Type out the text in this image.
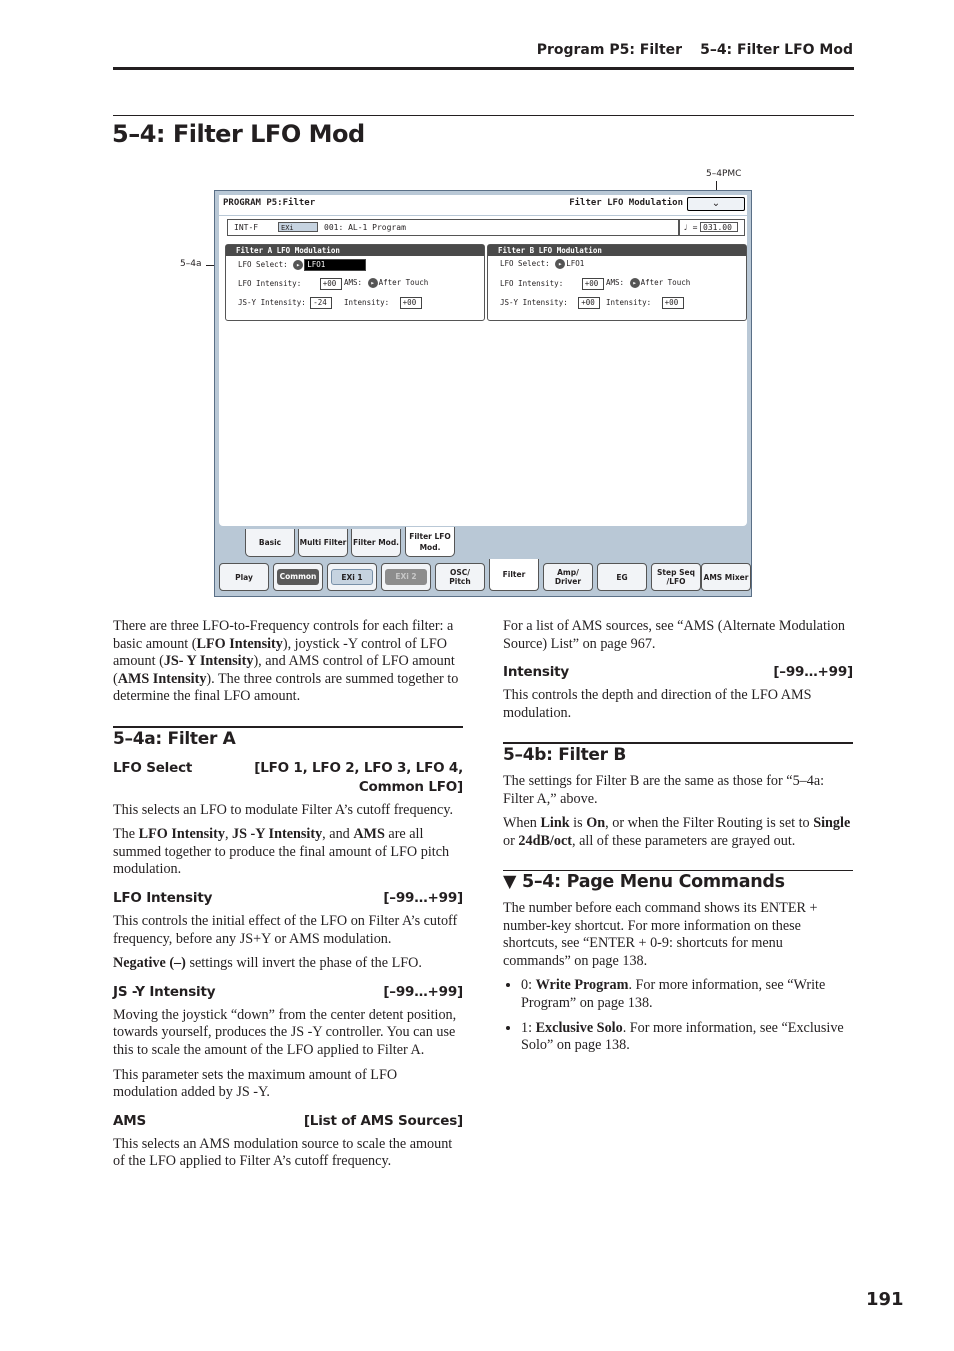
Program P5: Filter 5–4: Filter LFO Mod
5–4: Filter LFO Mod
5–4PMC
5–4a
PROGRAM P5:Filter	Filter LFO Modulation	⌄
INT-F	EXi	001: AL-1 Program	♩ = 031.00
Filter A LFO Modulation
LFO Select: ▸ LFO1
LFO Intensity:	+00	AMS: ▸ After Touch
JS-Y Intensity: -24	Intensity: +00
Filter B LFO Modulation
LFO Select: ▸ LFO1
LFO Intensity:	+00	AMS: ▸ After Touch
JS-Y Intensity: +00	Intensity: +00
Basic	Multi Filter Filter Mod.
Filter LFO Mod.
Play	Common	EXi 1	EXi 2	OSC/ Pitch
Filter	Amp/ Driver	EG	Step Seq /LFO	AMS Mixer

There are three LFO-to-Frequency controls for each filter: a basic amount (LFO Intensity), joystick -Y control of LFO amount (JS- Y Intensity), and AMS control of LFO amount (AMS Intensity). The three controls are summed together to determine the final LFO amount.

5–4a: Filter A
LFO Select	[LFO 1, LFO 2, LFO 3, LFO 4,
Common LFO]

This selects an LFO to modulate Filter A’s cutoff frequency.

The LFO Intensity, JS -Y Intensity, and AMS are all summed together to produce the final amount of LFO pitch modulation.

LFO Intensity	[–99…+99]

This controls the initial effect of the LFO on Filter A’s cutoff frequency, before any JS+Y or AMS modulation.

Negative (–) settings will invert the phase of the LFO.

JS -Y Intensity	[–99…+99]

Moving the joystick “down” from the center detent position, towards yourself, produces the JS -Y controller. You can use this to scale the amount of the LFO applied to Filter A.

This parameter sets the maximum amount of LFO modulation added by JS -Y.

AMS	[List of AMS Sources]

This selects an AMS modulation source to scale the amount of the LFO applied to Filter A’s cutoff frequency.

For a list of AMS sources, see “AMS (Alternate Modulation Source) List” on page 967.

Intensity	[–99…+99]

This controls the depth and direction of the LFO AMS modulation.

5–4b: Filter B

The settings for Filter B are the same as those for “5–4a: Filter A,” above.

When Link is On, or when the Filter Routing is set to Single or 24dB/oct, all of these parameters are grayed out.

▼ 5–4: Page Menu Commands

The number before each command shows its ENTER + number-key shortcut. For more information on these shortcuts, see “ENTER + 0-9: shortcuts for menu commands” on page 138.

• 0: Write Program. For more information, see “Write Program” on page 138.
• 1: Exclusive Solo. For more information, see “Exclusive Solo” on page 138.
191
